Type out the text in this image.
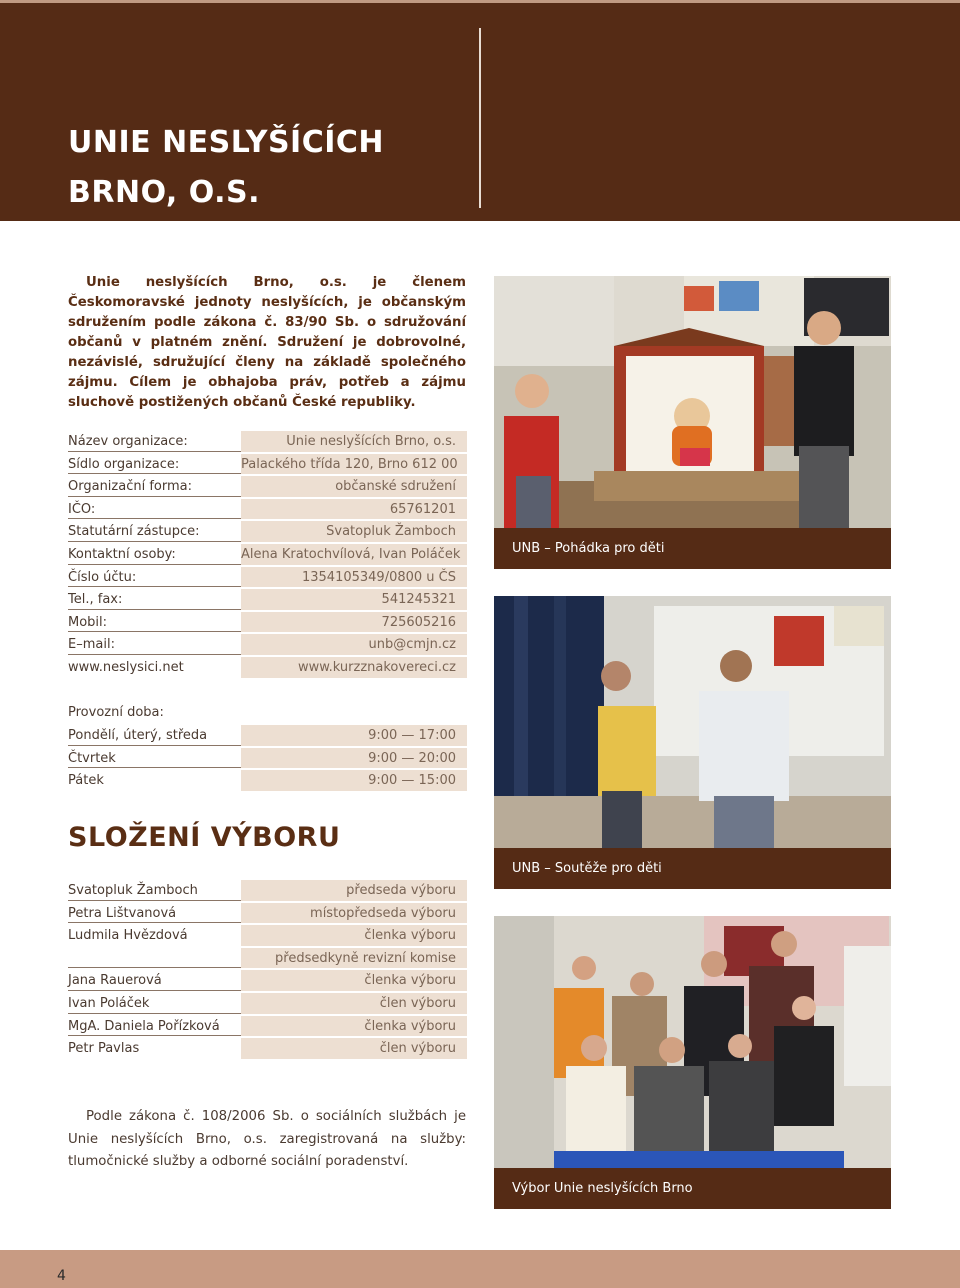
UNIE NESLYŠÍCÍCH
BRNO, O.S.

Unie neslyšících Brno, o.s. je členem Českomoravské jednoty neslyšících, je občanským sdružením podle zákona č. 83/90 Sb. o sdružování občanů v platném znění. Sdružení je dobrovolné, nezávislé, sdružující členy na základě společného zájmu. Cílem je obhajoba práv, potřeb a zájmu sluchově postižených občanů České republiky.

Název organizace:	Unie neslyšících Brno, o.s.
Sídlo organizace:	Palackého třída 120, Brno 612 00
Organizační forma:	občanské sdružení
IČO:	65761201
Statutární zástupce:	Svatopluk Žamboch
Kontaktní osoby:	Alena Kratochvílová, Ivan Poláček
Číslo účtu:	1354105349/0800 u ČS
Tel., fax:	541245321
Mobil:	725605216
E–mail:	unb@cmjn.cz
www.neslysici.net	www.kurzznakovereci.cz
Provozní doba:
Pondělí, úterý, středa	9:00 — 17:00
Čtvrtek	9:00 — 20:00
Pátek	9:00 — 15:00
SLOŽENÍ VÝBORU
Svatopluk Žamboch	předseda výboru
Petra Lištvanová	místopředseda výboru
Ludmila Hvězdová	členka výboru
předsedkyně revizní komise
Jana Rauerová	členka výboru
Ivan Poláček	člen výboru
MgA. Daniela Pořízková	členka výboru
Petr Pavlas	člen výboru

Podle zákona č. 108/2006 Sb. o sociálních službách je Unie neslyšících Brno, o.s. zaregistrovaná na služby: tlumočnické služby a odborné sociální poradenství.

UNB – Pohádka pro děti
UNB – Soutěže pro děti
Výbor Unie neslyšících Brno
4
